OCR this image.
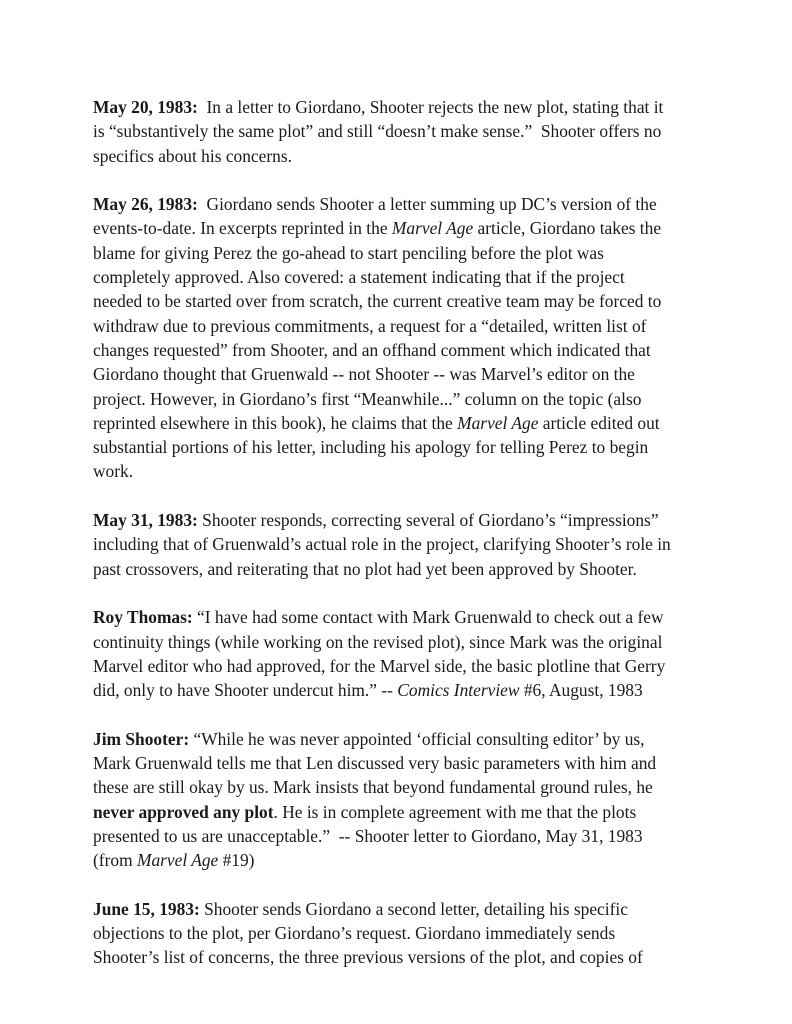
May 20, 1983:  In a letter to Giordano, Shooter rejects the new plot, stating that it
is “substantively the same plot” and still “doesn’t make sense.”  Shooter offers no
specifics about his concerns.

May 26, 1983:  Giordano sends Shooter a letter summing up DC’s version of the
events-to-date. In excerpts reprinted in the Marvel Age article, Giordano takes the
blame for giving Perez the go-ahead to start penciling before the plot was
completely approved. Also covered: a statement indicating that if the project
needed to be started over from scratch, the current creative team may be forced to
withdraw due to previous commitments, a request for a “detailed, written list of
changes requested” from Shooter, and an offhand comment which indicated that
Giordano thought that Gruenwald -- not Shooter -- was Marvel’s editor on the
project. However, in Giordano’s first “Meanwhile...” column on the topic (also
reprinted elsewhere in this book), he claims that the Marvel Age article edited out
substantial portions of his letter, including his apology for telling Perez to begin
work.

May 31, 1983: Shooter responds, correcting several of Giordano’s “impressions”
including that of Gruenwald’s actual role in the project, clarifying Shooter’s role in
past crossovers, and reiterating that no plot had yet been approved by Shooter.

Roy Thomas: “I have had some contact with Mark Gruenwald to check out a few
continuity things (while working on the revised plot), since Mark was the original
Marvel editor who had approved, for the Marvel side, the basic plotline that Gerry
did, only to have Shooter undercut him.” -- Comics Interview #6, August, 1983

Jim Shooter: “While he was never appointed ‘official consulting editor’ by us,
Mark Gruenwald tells me that Len discussed very basic parameters with him and
these are still okay by us. Mark insists that beyond fundamental ground rules, he
never approved any plot. He is in complete agreement with me that the plots
presented to us are unacceptable.”  -- Shooter letter to Giordano, May 31, 1983
(from Marvel Age #19)

June 15, 1983: Shooter sends Giordano a second letter, detailing his specific
objections to the plot, per Giordano’s request. Giordano immediately sends
Shooter’s list of concerns, the three previous versions of the plot, and copies of
